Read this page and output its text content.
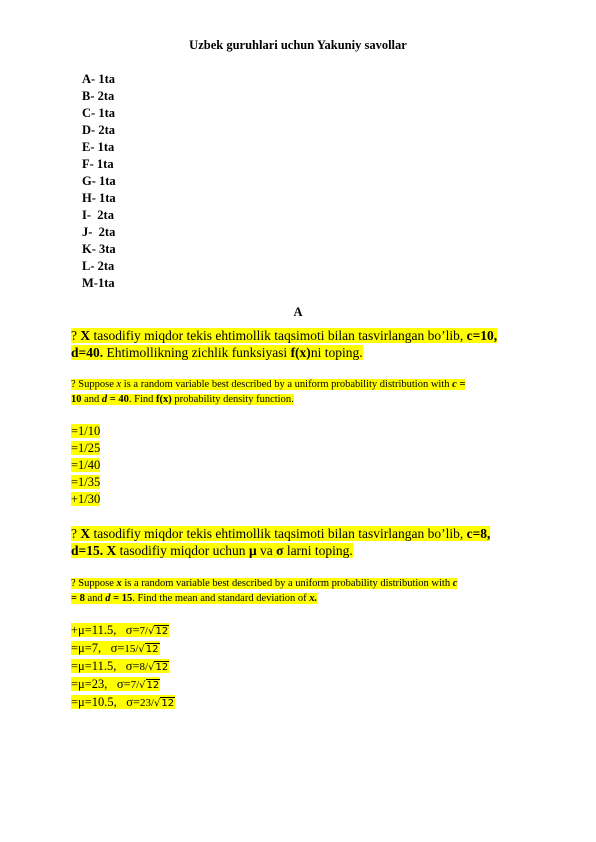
Uzbek guruhlari uchun Yakuniy savollar
A- 1ta
B- 2ta
C- 1ta
D- 2ta
E- 1ta
F- 1ta
G- 1ta
H- 1ta
I-  2ta
J-  2ta
K- 3ta
L- 2ta
M-1ta
A
? X tasodifiy miqdor tekis ehtimollik taqsimoti bilan tasvirlangan bo’lib, c=10,
d=40. Ehtimollikning zichlik funksiyasi f(x)ni toping.
? Suppose x is a random variable best described by a uniform probability distribution with c =
10 and d = 40. Find f(x) probability density function.
=1/10
=1/25
=1/40
=1/35
+1/30
? X tasodifiy miqdor tekis ehtimollik taqsimoti bilan tasvirlangan bo’lib, c=8,
d=15. X tasodifiy miqdor uchun μ va σ larni toping.
? Suppose x is a random variable best described by a uniform probability distribution with c
= 8 and d = 15. Find the mean and standard deviation of x.
+μ=11.5, σ=7/√12
=μ=7, σ=15/√12
=μ=11.5, σ=8/√12
=μ=23, σ=7/√12
=μ=10.5, σ=23/√12
